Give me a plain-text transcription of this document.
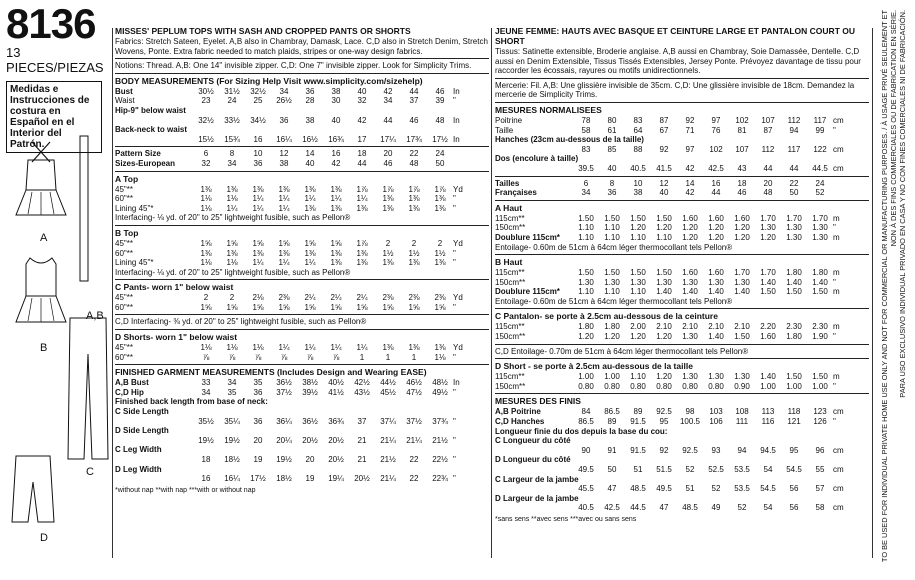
8136
13 PIECES/PIEZAS
Medidas e Instrucciones de costura en Español en el Interior del Patrón.
A
A,B
B
C
D
MISSES' PEPLUM TOPS WITH SASH AND CROPPED PANTS OR SHORTS
Fabrics: Stretch Sateen, Eyelet. A,B also in Chambray, Damask, Lace. C,D also in Stretch Denim, Stretch Wovens, Ponte. Extra fabric needed to match plaids, stripes or one-way design fabrics.
Notions: Thread. A,B: One 14" invisible zipper. C,D: One 7" invisible zipper. Look for Simplicity Trims.
BODY MEASUREMENTS (For Sizing Help Visit www.simplicity.com/sizehelp)
Bust	30½	31½	32½	34	36	38	40	42	44	46	In
Waist	23	24	25	26½	28	30	32	34	37	39	"
Hip-9" below waist
32½	33½	34½	36	38	40	42	44	46	48	In
Back-neck to waist
15½	15¾	16	16¼	16½	16¾	17	17¼	17¾	17½ In
Pattern Size	6	8	10	12	14	16	18	20	22	24
Sizes-European	32	34	36	38	40	42	44	46	48	50
A Top
45"**	1⅜	1⅜	1⅜	1⅜	1⅜	1⅜	1⅞	1⅞	1⅞	1⅞ Yd
60"**	1⅛	1⅛	1¼	1¼	1¼	1¼	1¼	1⅜	1⅜	1⅜ "
Lining 45"*	1⅛	1¼	1¼	1¼	1⅜	1⅜	1⅜	1⅜	1⅜	1⅜ "
Interfacing- ⅛ yd. of 20" to 25" lightweight fusible, such as Pellon®
B Top
45"**	1⅝	1⅝	1⅝	1⅝	1⅝	1⅝	1⅞	2	2	2	Yd
60"**	1⅜	1⅜	1⅜	1⅜	1⅜	1⅜	1⅜	1½	1½	1½ "
Lining 45"*	1⅛	1⅛	1¼	1¼	1¼	1⅜	1⅜	1⅜	1⅜	1⅜ "
Interfacing- ⅛ yd. of 20" to 25" lightweight fusible, such as Pellon®
C Pants- worn 1" below waist
45"**	2	2	2⅛	2⅜	2¼	2¼	2¼	2⅜	2⅜	2⅜ Yd
60"**	1⅝	1⅝	1⅝	1⅝	1⅝	1⅝	1⅝	1⅝	1⅝	1⅝ "
C,D Interfacing- ⅜ yd. of 20" to 25" lightweight fusible, such as Pellon®
D Shorts- worn 1" below waist
45"**	1⅛	1⅛	1⅛	1¼	1¼	1¼	1¼	1⅜	1⅜	1⅜ Yd
60"**	⅞	⅞	⅞	⅞	⅞	⅞	1	1	1	1⅛ "
FINISHED GARMENT MEASUREMENTS (Includes Design and Wearing EASE)
A,B Bust	33	34	35	36½	38½	40½	42½	44½	46½	48½ In
C,D Hip	34	35	36	37½	39½	41½	43½	45½	47½	49½ "
Finished back length from base of neck:
C Side Length
35½	35¼	36	36¼	36½	36¾	37	37¼	37½	37¾ "
D Side Length
19½	19½	20	20¼	20½	20½	21	21¼	21¼	21½ "
C Leg Width
18	18½	19	19½	20	20½	21	21½	22	22½ "
D Leg Width
16	16¼	17½	18½	19	19¼	20½	21¼	22	22¾ "
*without nap **with nap ***with or without nap
JEUNE FEMME: HAUTS AVEC BASQUE ET CEINTURE LARGE ET PANTALON COURT OU SHORT
Tissus: Satinette extensible, Broderie anglaise. A,B aussi en Chambray, Soie Damassée, Dentelle. C,D aussi en Denim Extensible, Tissus Tissés Extensibles, Jersey Ponte. Prévoyez davantage de tissu pour raccorder les écossais, rayures ou motifs unidirectionnels.
Mercerie: Fil. A,B: Une glissière invisible de 35cm. C,D: Une glissière invisible de 18cm. Demandez la mercerie de Simplicity Trims.
MESURES NORMALISEES
Poitrine	78	80	83	87	92	97	102	107	112	117 cm
Taille	58	61	64	67	71	76	81	87	94	99	"
Hanches (23cm au-dessous de la taille)
83	85	88	92	97	102	107	112	117	122 cm
Dos (encolure à taille)
39.5	40	40.5	41.5	42	42.5	43	44	44	44.5 cm
Tailles	6	8	10	12	14	16	18	20	22	24
Françaises	34	36	38	40	42	44	46	48	50	52
A Haut
115cm**	1.50	1.50	1.50	1.50	1.60	1.60	1.60	1.70	1.70	1.70 m
150cm**	1.10	1.10	1.20	1.20	1.20	1.20	1.20	1.30	1.30	1.30 "
Doublure 115cm*	1.10	1.10	1.10	1.10	1.20	1.20	1.20	1.20	1.30	1.30 m
Entoilage- 0.60m de 51cm à 64cm léger thermocollant tels Pellon®
B Haut
115cm**	1.50	1.50	1.50	1.50	1.60	1.60	1.70	1.70	1.80	1.80 m
150cm**	1.30	1.30	1.30	1.30	1.30	1.30	1.30	1.40	1.40	1.40 "
Doublure 115cm*	1.10	1.10	1.10	1.40	1.40	1.40	1.40	1.50	1.50	1.50 m
Entoilage- 0.60m de 51cm à 64cm léger thermocollant tels Pellon®
C Pantalon- se porte à 2.5cm au-dessous de la ceinture
115cm**	1.80	1.80	2.00	2.10	2.10	2.10	2.10	2.20	2.30	2.30 m
150cm**	1.20	1.20	1.20	1.20	1.30	1.40	1.50	1.60	1.80	1.90 "
C,D Entoilage- 0.70m de 51cm à 64cm léger thermocollant tels Pellon®
D Short - se porte à 2.5cm au-dessous de la taille
115cm**	1.00	1.00	1.10	1.20	1.30	1.30	1.30	1.40	1.50	1.50 m
150cm**	0.80	0.80	0.80	0.80	0.80	0.80	0.90	1.00	1.00	1.00 "
MESURES DES FINIS
A,B Poitrine	84	86.5	89	92.5	98	103	108	113	118	123 cm
C,D Hanches	86.5	89	91.5	95	100.5	106	111	116	121	126 "
Longueur finie du dos depuis la base du cou:
C Longueur du côté
90	91	91.5	92	92.5	93	94	94.5	95	96	cm
D Longueur du côté
49.5	50	51	51.5	52	52.5	53.5	54	54.5	55	cm
C Largeur de la jambe
45.5	47	48.5	49.5	51	52	53.5	54.5	56	57	cm
D Largeur de la jambe
40.5	42.5	44.5	47	48.5	49	52	54	56	58	cm
*sans sens **avec sens ***avec ou sans sens	TO BE USED FOR INDIVIDUAL PRIVATE HOME USE ONLY AND NOT FOR COMMERCIAL OR MANUFACTURING PURPOSES. / À USAGE PRIVÉ SEULEMENT ET NON À DES FINS COMMERCIALES OU DE FABRICATION EN SÉRIE. PARA USO EXCLUSIVO INDIVIDUAL PRIVADO EN CASA Y NO CON FINES COMERCIALES NI DE FABRICACIÓN.
